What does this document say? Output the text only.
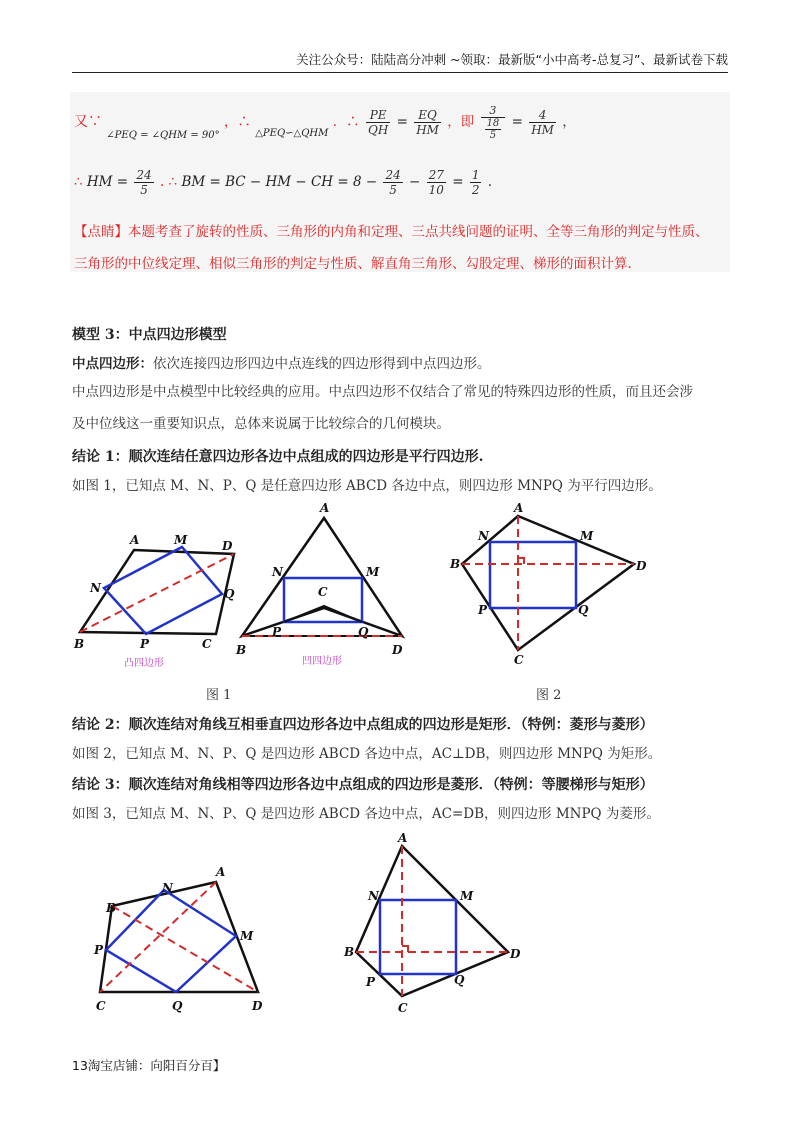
关注公众号：陆陆高分冲刺 ~领取：最新版“小中高考-总复习”、最新试卷下载
又∵ $_{\angle PEQ = \angle QHM = 90^\circ}$ ，∴ $_{\triangle PEQ∽\triangle QHM}$ ．∴ $\frac{PE}{QH} = \frac{EQ}{HM}$ ，即 3
18
$5 = \frac{4}{HM}$ ，
∴ HM = $\frac{24}{5}$ . ∴ BM = BC − HM − CH = $8 - \frac{24}{5} - \frac{27}{10} = \frac{1}{2}$ .
【点睛】本题考查了旋转的性质、三角形的内角和定理、三点共线问题的证明、全等三角形的判定与性质、
三角形的中位线定理、相似三角形的判定与性质、解直角三角形、勾股定理、梯形的面积计算.
模型 3：中点四边形模型
中点四边形：依次连接四边形四边中点连线的四边形得到中点四边形。
中点四边形是中点模型中比较经典的应用。中点四边形不仅结合了常见的特殊四边形的性质，而且还会涉
及中位线这一重要知识点，总体来说属于比较综合的几何模块。
结论 1：顺次连结任意四边形各边中点组成的四边形是平行四边形.
如图 1，已知点 M、N、P、Q 是任意四边形 ABCD 各边中点，则四边形 MNPQ 为平行四边形。
A	M	D
N	Q
B	P	C
凸四边形
A
N	M
C
P	Q
B	D
凹四边形
A
N	M
B	D
P	Q
C
图 1	图 2
结论 2：顺次连结对角线互相垂直四边形各边中点组成的四边形是矩形．（特例：菱形与菱形）
如图 2，已知点 M、N、P、Q 是四边形 ABCD 各边中点，AC⊥DB，则四边形 MNPQ 为矩形。
结论 3：顺次连结对角线相等四边形各边中点组成的四边形是菱形．（特例：等腰梯形与矩形）
如图 3，已知点 M、N、P、Q 是四边形 ABCD 各边中点，AC=DB，则四边形 MNPQ 为菱形。
A
N
B
M
P
C	Q	D
A
N	M
B	D
P	Q
C
13淘宝店铺：向阳百分百】
